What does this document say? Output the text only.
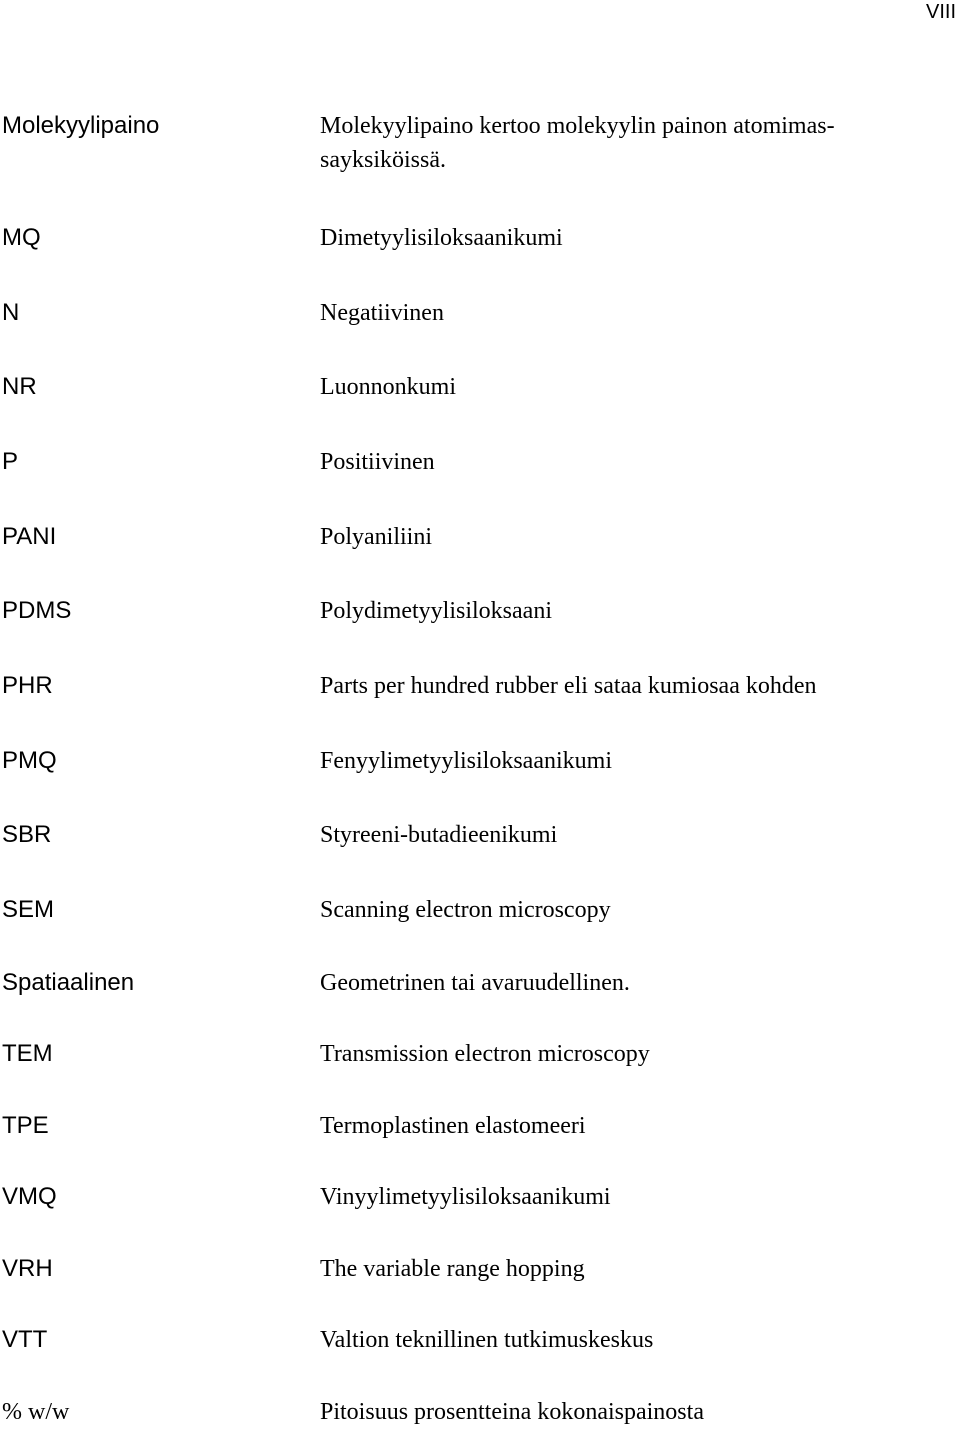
VIII
Molekyylipaino	Molekyylipaino kertoo molekyylin painon atomimas-sayksiköissä.
MQ	Dimetyylisiloksaanikumi
N	Negatiivinen
NR	Luonnonkumi
P	Positiivinen
PANI	Polyaniliini
PDMS	Polydimetyylisiloksaani
PHR	Parts per hundred rubber eli sataa kumiosaa kohden
PMQ	Fenyylimetyylisiloksaanikumi
SBR	Styreeni-butadieenikumi
SEM	Scanning electron microscopy
Spatiaalinen	Geometrinen tai avaruudellinen.
TEM	Transmission electron microscopy
TPE	Termoplastinen elastomeeri
VMQ	Vinyylimetyylisiloksaanikumi
VRH	The variable range hopping
VTT	Valtion teknillinen tutkimuskeskus
% w/w	Pitoisuus prosentteina kokonaispainosta
